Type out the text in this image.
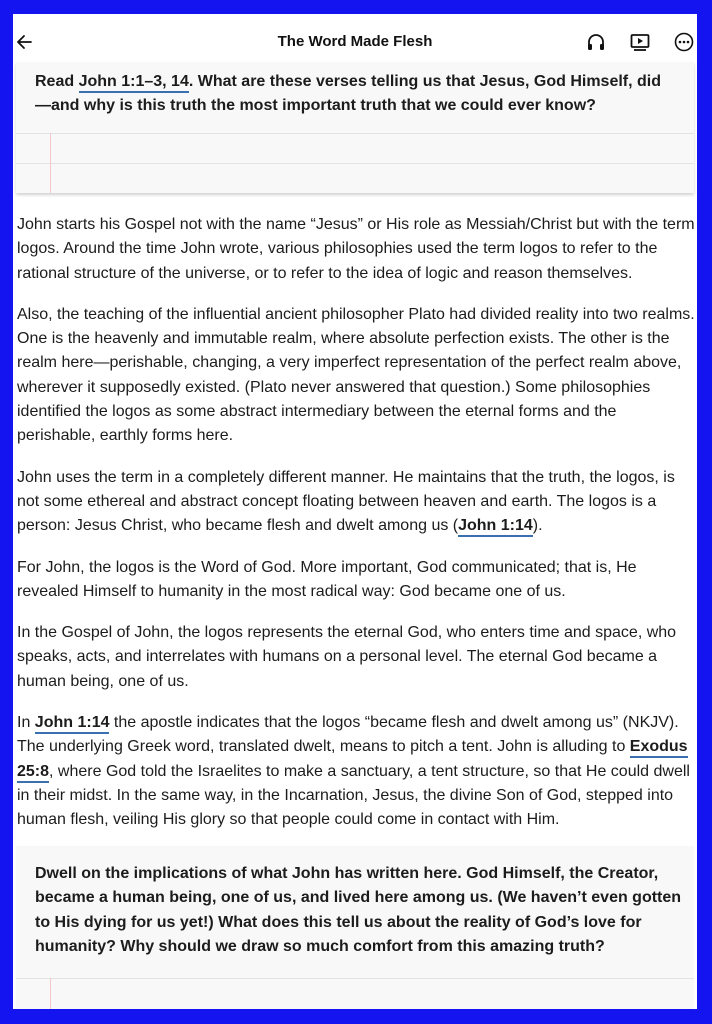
The Word Made Flesh
Read John 1:1–3, 14. What are these verses telling us that Jesus, God Himself, did—and why is this truth the most important truth that we could ever know?

John starts his Gospel not with the name “Jesus” or His role as Messiah/Christ but with the term logos. Around the time John wrote, various philosophies used the term logos to refer to the rational structure of the universe, or to refer to the idea of logic and reason themselves.

Also, the teaching of the influential ancient philosopher Plato had divided reality into two realms. One is the heavenly and immutable realm, where absolute perfection exists. The other is the realm here—perishable, changing, a very imperfect representation of the perfect realm above, wherever it supposedly existed. (Plato never answered that question.) Some philosophies identified the logos as some abstract intermediary between the eternal forms and the perishable, earthly forms here.

John uses the term in a completely different manner. He maintains that the truth, the logos, is not some ethereal and abstract concept floating between heaven and earth. The logos is a person: Jesus Christ, who became flesh and dwelt among us (John 1:14).

For John, the logos is the Word of God. More important, God communicated; that is, He revealed Himself to humanity in the most radical way: God became one of us.

In the Gospel of John, the logos represents the eternal God, who enters time and space, who speaks, acts, and interrelates with humans on a personal level. The eternal God became a human being, one of us.

In John 1:14 the apostle indicates that the logos “became flesh and dwelt among us” (NKJV). The underlying Greek word, translated dwelt, means to pitch a tent. John is alluding to Exodus 25:8, where God told the Israelites to make a sanctuary, a tent structure, so that He could dwell in their midst. In the same way, in the Incarnation, Jesus, the divine Son of God, stepped into human flesh, veiling His glory so that people could come in contact with Him.

Dwell on the implications of what John has written here. God Himself, the Creator, became a human being, one of us, and lived here among us. (We haven’t even gotten to His dying for us yet!) What does this tell us about the reality of God’s love for humanity? Why should we draw so much comfort from this amazing truth?
